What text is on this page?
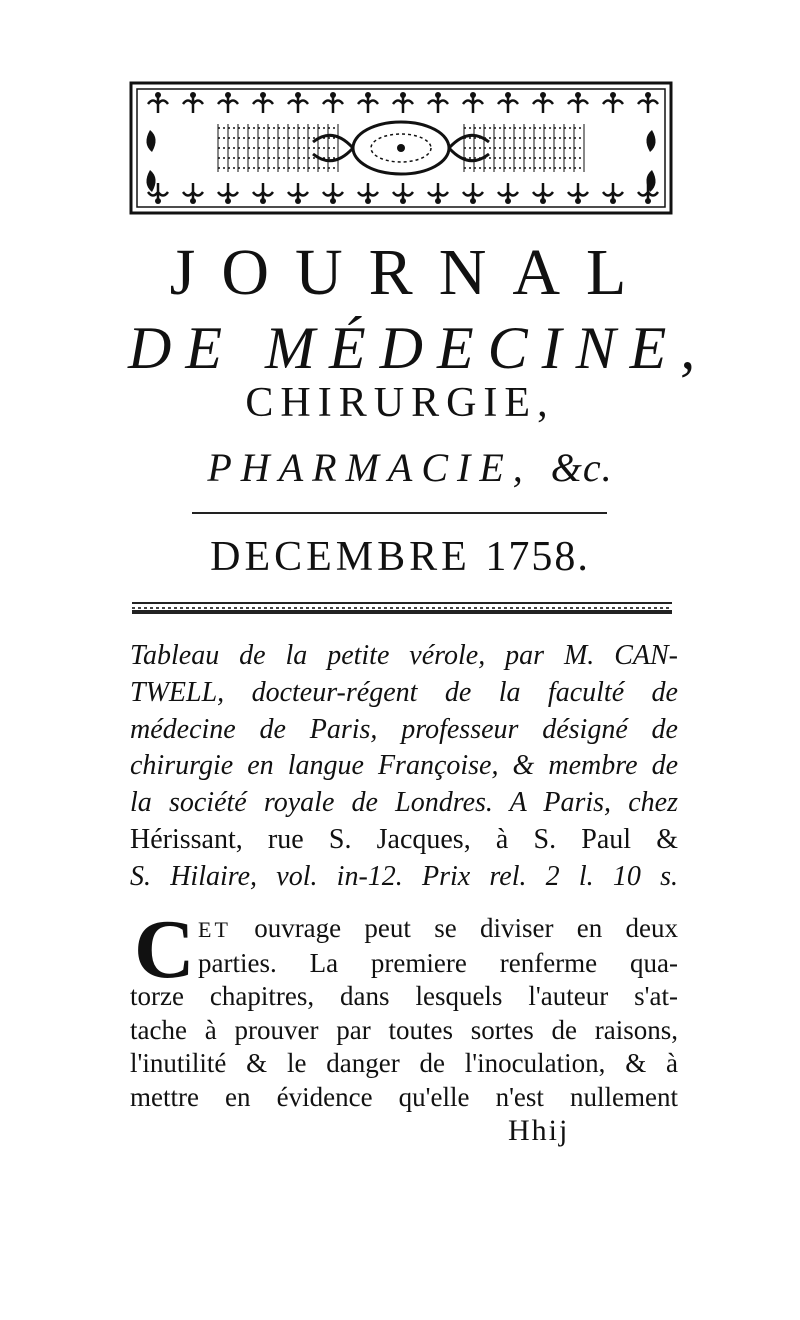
JOURNAL
DE MÉDECINE,
CHIRURGIE,
PHARMACIE, &c.
DECEMBRE 1758.
Tableau de la petite vérole, par M. CAN-
TWELL, docteur-régent de la faculté de
médecine de Paris, professeur désigné de
chirurgie en langue Françoise, & membre de
la société royale de Londres. A Paris, chez
Hérissant, rue S. Jacques, à S. Paul &
S. Hilaire, vol. in-12. Prix rel. 2 l. 10 s.
C ET ouvrage peut se diviser en deux
parties. La premiere renferme qua-
torze chapitres, dans lesquels l'auteur s'at-
tache à prouver par toutes sortes de raisons,
l'inutilité & le danger de l'inoculation, & à
mettre en évidence qu'elle n'est nullement
Hhij
